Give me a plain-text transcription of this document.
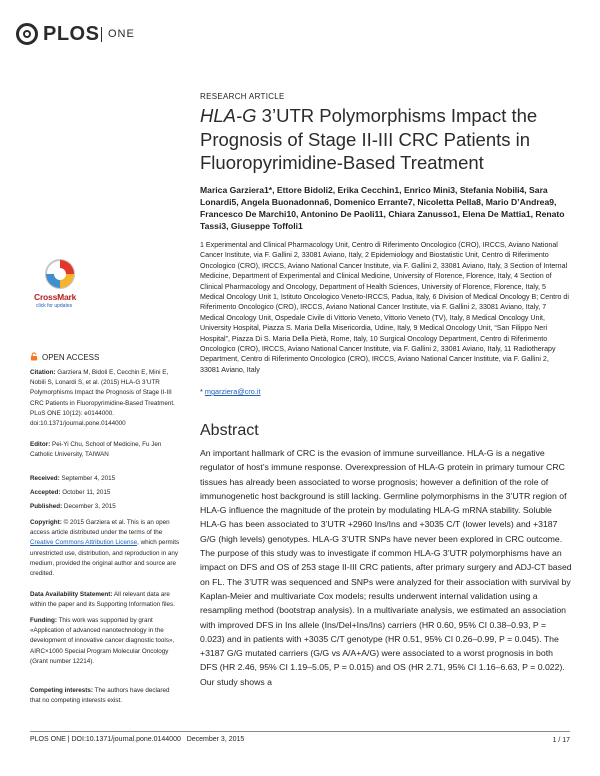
PLOS ONE
RESEARCH ARTICLE
HLA-G 3’UTR Polymorphisms Impact the Prognosis of Stage II-III CRC Patients in Fluoropyrimidine-Based Treatment
Marica Garziera1*, Ettore Bidoli2, Erika Cecchin1, Enrico Mini3, Stefania Nobili4, Sara Lonardi5, Angela Buonadonna6, Domenico Errante7, Nicoletta Pella8, Mario D’Andrea9, Francesco De Marchi10, Antonino De Paoli11, Chiara Zanusso1, Elena De Mattia1, Renato Tassi3, Giuseppe Toffoli1
1 Experimental and Clinical Pharmacology Unit, Centro di Riferimento Oncologico (CRO), IRCCS, Aviano National Cancer Institute, via F. Gallini 2, 33081 Aviano, Italy, 2 Epidemiology and Biostatistic Unit, Centro di Riferimento Oncologico (CRO), IRCCS, Aviano National Cancer Institute, via F. Gallini 2, 33081 Aviano, Italy, 3 Section of Internal Medicine, Department of Experimental and Clinical Medicine, University of Florence, Florence, Italy, 4 Section of Clinical Pharmacology and Oncology, Department of Health Sciences, University of Florence, Florence, Italy, 5 Medical Oncology Unit 1, Istituto Oncologico Veneto-IRCCS, Padua, Italy, 6 Division of Medical Oncology B; Centro di Riferimento Oncologico (CRO), IRCCS, Aviano National Cancer Institute, via F. Gallini 2, 33081 Aviano, Italy, 7 Medical Oncology Unit, Ospedale Civile di Vittorio Veneto, Vittorio Veneto (TV), Italy, 8 Medical Oncology Unit, University Hospital, Piazza S. Maria Della Misericordia, Udine, Italy, 9 Medical Oncology Unit, “San Filippo Neri Hospital”, Piazza Di S. Maria Della Pietà, Rome, Italy, 10 Surgical Oncology Department, Centro di Riferimento Oncologico (CRO), IRCCS, Aviano National Cancer Institute, via F. Gallini 2, 33081 Aviano, Italy, 11 Radiotherapy Department, Centro di Riferimento Oncologico (CRO), IRCCS, Aviano National Cancer Institute, via F. Gallini 2, 33081 Aviano, Italy
* mgarziera@cro.it
Abstract
An important hallmark of CRC is the evasion of immune surveillance. HLA-G is a negative regulator of host’s immune response. Overexpression of HLA-G protein in primary tumour CRC tissues has already been associated to worse prognosis; however a definition of the role of immunogenetic host background is still lacking. Germline polymorphisms in the 3’UTR region of HLA-G influence the magnitude of the protein by modulating HLA-G mRNA stability. Soluble HLA-G has been associated to 3’UTR +2960 Ins/Ins and +3035 C/T (lower levels) and +3187 G/G (high levels) genotypes. HLA-G 3’UTR SNPs have never been explored in CRC outcome. The purpose of this study was to investigate if common HLA-G 3’UTR polymorphisms have an impact on DFS and OS of 253 stage II-III CRC patients, after primary surgery and ADJ-CT based on FL. The 3’UTR was sequenced and SNPs were analyzed for their association with survival by Kaplan-Meier and multivariate Cox models; results underwent internal validation using a resampling method (bootstrap analysis). In a multivariate analysis, we estimated an association with improved DFS in Ins allele (Ins/Del+Ins/Ins) carriers (HR 0.60, 95% CI 0.38–0.93, P = 0.023) and in patients with +3035 C/T genotype (HR 0.51, 95% CI 0.26–0.99, P = 0.045). The +3187 G/G mutated carriers (G/G vs A/A+A/G) were associated to a worst prognosis in both DFS (HR 2.46, 95% CI 1.19–5.05, P = 0.015) and OS (HR 2.71, 95% CI 1.16–6.63, P = 0.022). Our study shows a
CrossMark
click for updates
OPEN ACCESS
Citation: Garziera M, Bidoli E, Cecchin E, Mini E, Nobili S, Lonardi S, et al. (2015) HLA-G 3’UTR Polymorphisms Impact the Prognosis of Stage II-III CRC Patients in Fluoropyrimidine-Based Treatment. PLoS ONE 10(12): e0144000. doi:10.1371/journal.pone.0144000
Editor: Pei-Yi Chu, School of Medicine, Fu Jen Catholic University, TAIWAN
Received: September 4, 2015
Accepted: October 11, 2015
Published: December 3, 2015
Copyright: © 2015 Garziera et al. This is an open access article distributed under the terms of the Creative Commons Attribution License, which permits unrestricted use, distribution, and reproduction in any medium, provided the original author and source are credited.
Data Availability Statement: All relevant data are within the paper and its Supporting Information files.
Funding: This work was supported by grant «Application of advanced nanotechnology in the development of innovative cancer diagnostic tools», AIRC×1000 Special Program Molecular Oncology (Grant number 12214).
Competing interests: The authors have declared that no competing interests exist.
PLOS ONE | DOI:10.1371/journal.pone.0144000   December 3, 2015	1 / 17
